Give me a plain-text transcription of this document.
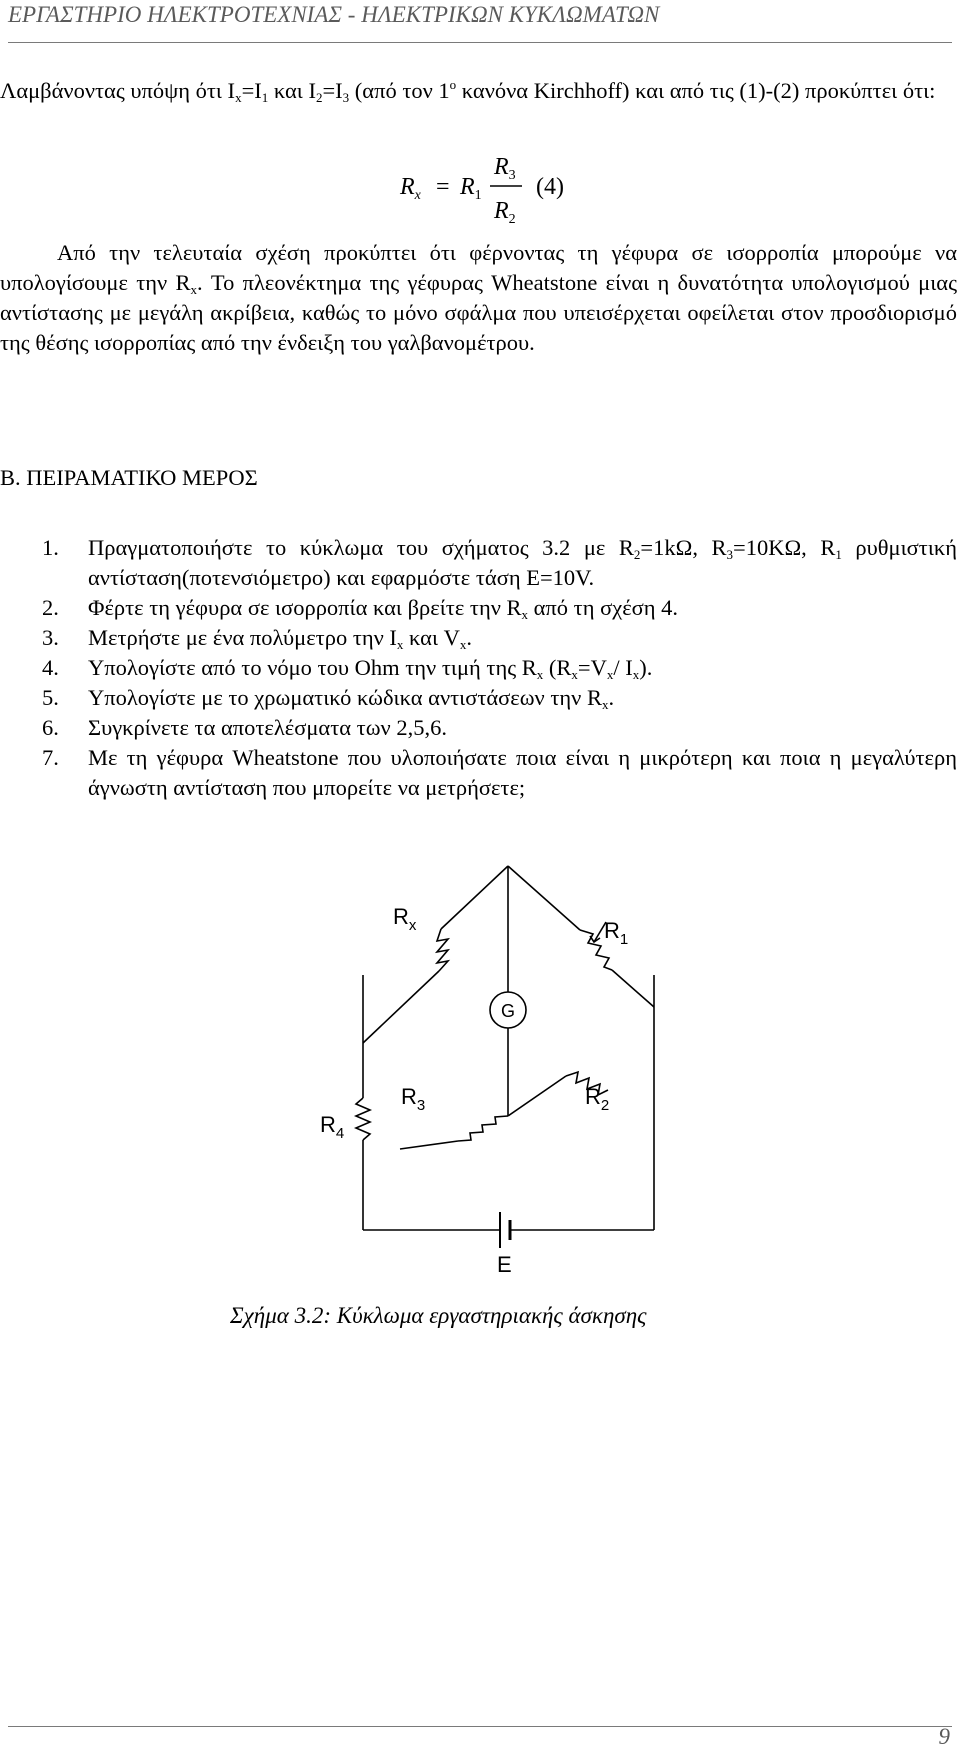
ΕΡΓΑΣΤΗΡΙΟ ΗΛΕΚΤΡΟΤΕΧΝΙΑΣ - ΗΛΕΚΤΡΙΚΩΝ ΚΥΚΛΩΜΑΤΩΝ

Λαμβάνοντας υπόψη ότι $I_x=I_1$ και $I_2=I_3$ (από τον $1^o$ κανόνα Kirchhoff) και από τις (1)-(2) προκύπτει ότι:

$R_x = R_1$
$R_3$
$R_2$
(4)

Από την τελευταία σχέση προκύπτει ότι φέρνοντας τη γέφυρα σε ισορροπία μπορούμε να υπολογίσουμε την $R_x$. Το πλεονέκτημα της γέφυρας Wheatstone είναι η δυνατότητα υπολογισμού μιας αντίστασης με μεγάλη ακρίβεια, καθώς το μόνο σφάλμα που υπεισέρχεται οφείλεται στον προσδιορισμό της θέσης ισορροπίας από την ένδειξη του γαλβανομέτρου.

Β. ΠΕΙΡΑΜΑΤΙΚΟ ΜΕΡΟΣ
1. Πραγματοποιήστε το κύκλωμα του σχήματος 3.2 με $R_2=1k\Omega$, $R_3=10K\Omega$, $R_1$ ρυθμιστική αντίσταση(ποτενσιόμετρο) και εφαρμόστε τάση Ε=10V.
2. Φέρτε τη γέφυρα σε ισορροπία και βρείτε την $R_x$ από τη σχέση 4.
3. Μετρήστε με ένα πολύμετρο την $I_x$ και $V_x$.
4. Υπολογίστε από το νόμο του Ohm την τιμή της $R_x$ ($R_x=V_x/$ $I_x$).
5. Υπολογίστε με το χρωματικό κώδικα αντιστάσεων την $R_x$.
6. Συγκρίνετε τα αποτελέσματα των 2,5,6.
7. Με τη γέφυρα Wheatstone που υλοποιήσατε ποια είναι η μικρότερη και ποια η μεγαλύτερη άγνωστη αντίσταση που μπορείτε να μετρήσετε;
$R_x$	$R_1$
G
$R_3$	$R_2$
$R_4$
E
Σχήμα 3.2: Κύκλωμα εργαστηριακής άσκησης
9
